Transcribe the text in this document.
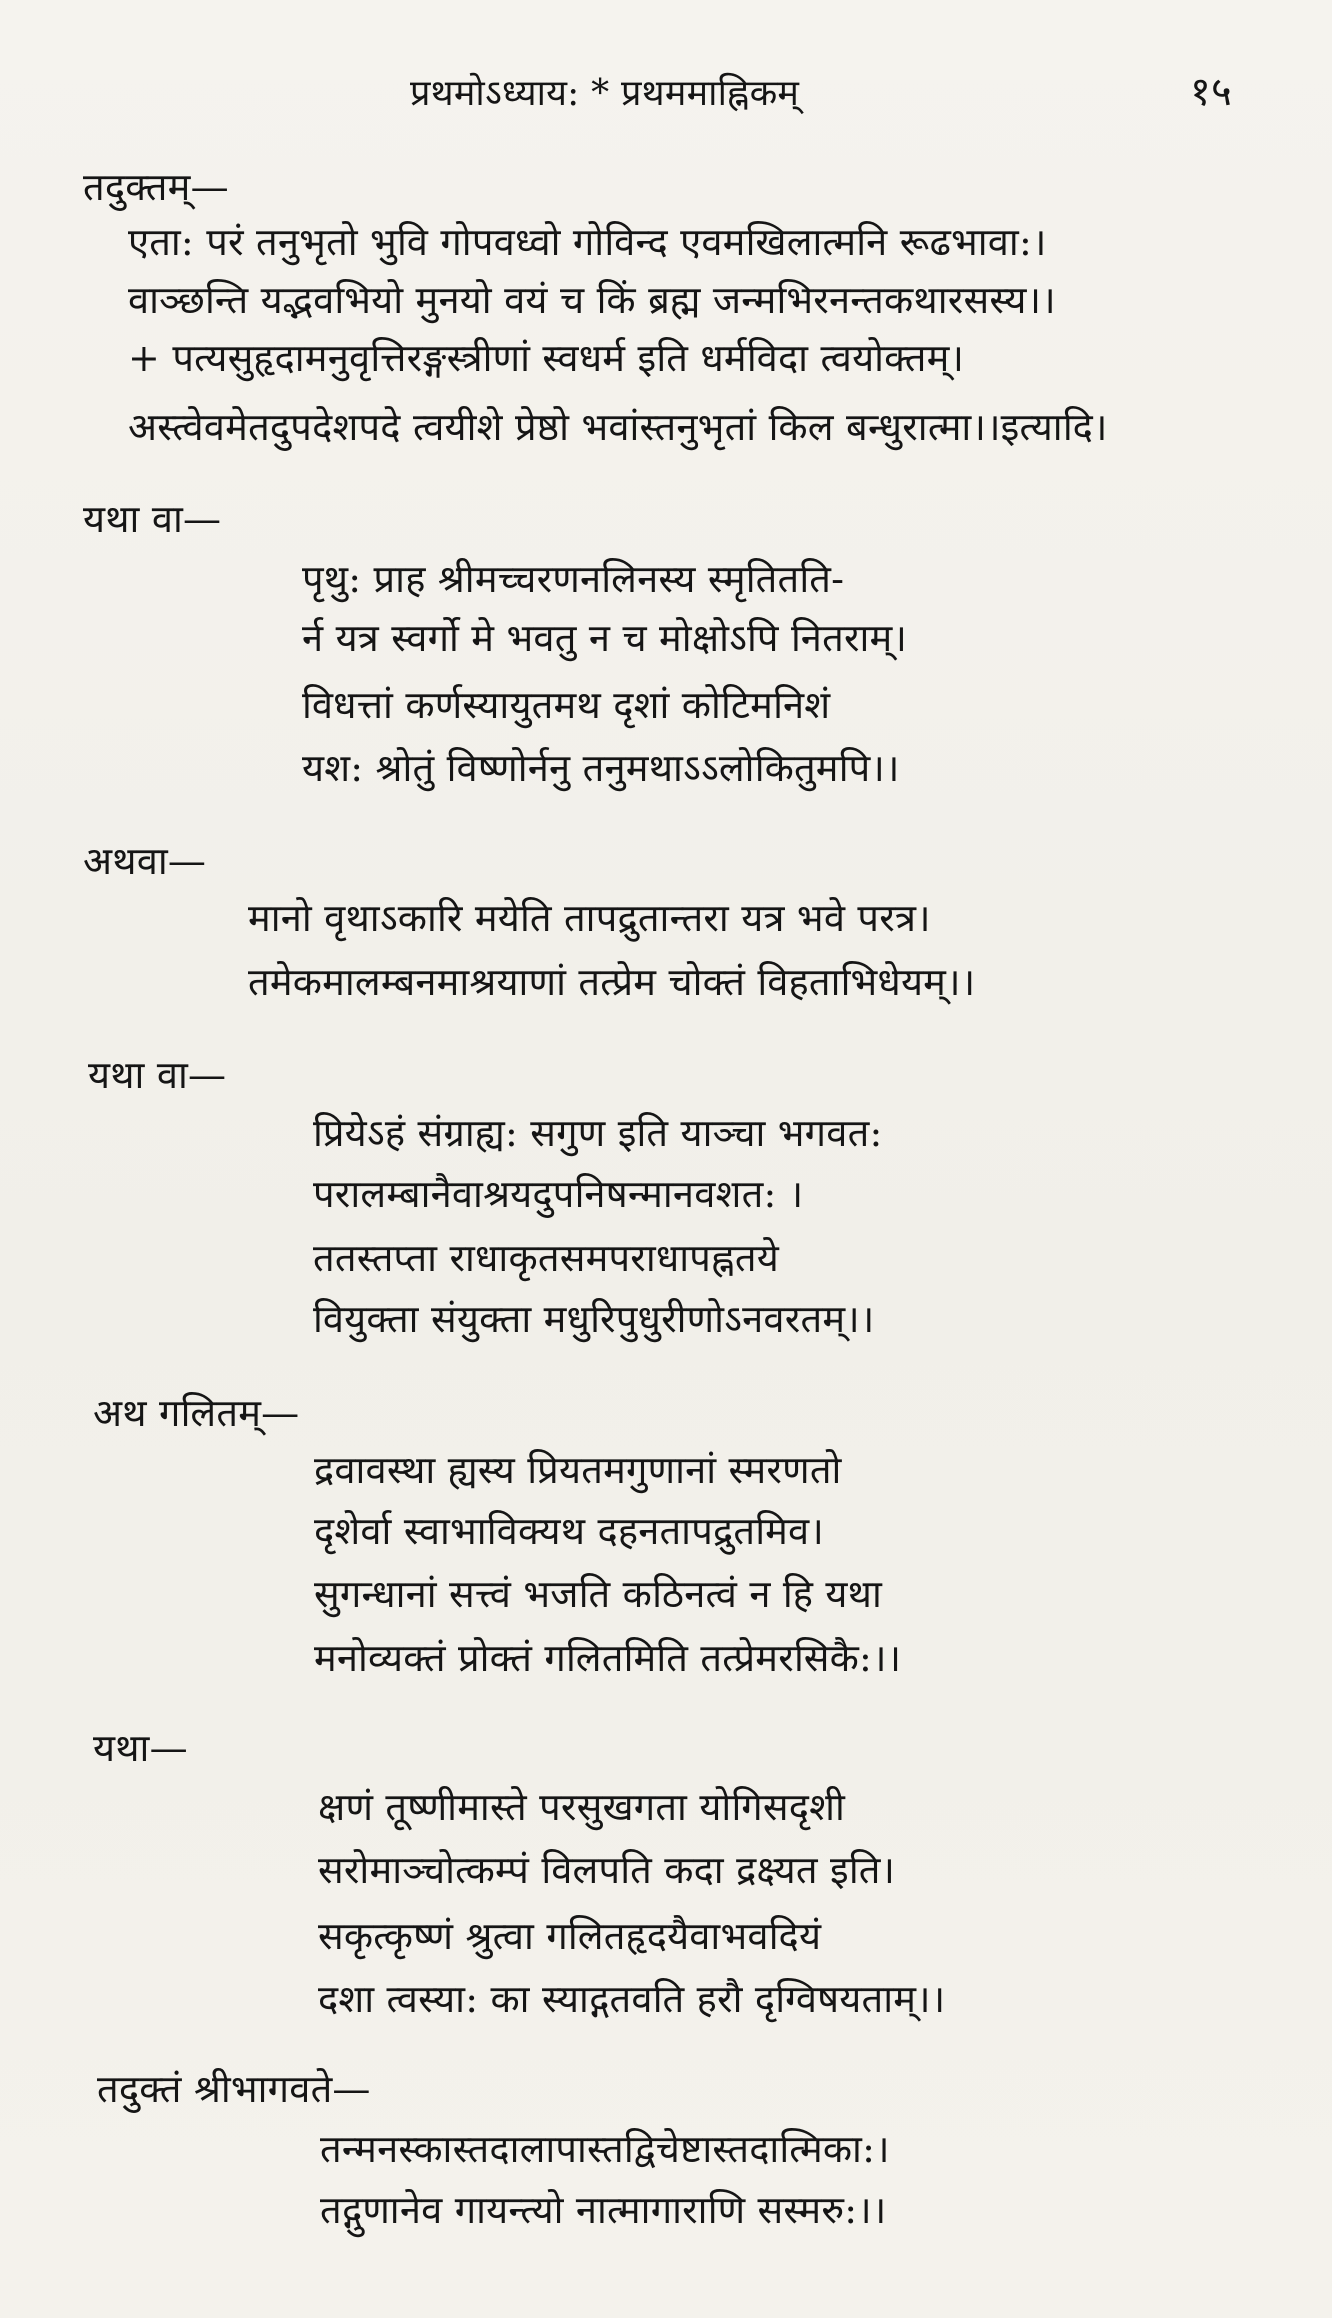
प्रथमोऽध्याय: * प्रथममाह्निकम्	१५
तदुक्तम्—
एता: परं तनुभृतो भुवि गोपवध्वो गोविन्द एवमखिलात्मनि रूढभावा:।
वाञ्छन्ति यद्भवभियो मुनयो वयं च किं ब्रह्म जन्मभिरनन्तकथारसस्य।।
+ पत्यसुहृदामनुवृत्तिरङ्गस्त्रीणां स्वधर्म इति धर्मविदा त्वयोक्तम्।
अस्त्वेवमेतदुपदेशपदे त्वयीशे प्रेष्ठो भवांस्तनुभृतां किल बन्धुरात्मा।।इत्यादि।
यथा वा—
पृथु: प्राह श्रीमच्चरणनलिनस्य स्मृतितति-
र्न यत्र स्वर्गो मे भवतु न च मोक्षोऽपि नितराम्।
विधत्तां कर्णस्यायुतमथ दृशां कोटिमनिशं
यश: श्रोतुं विष्णोर्ननु तनुमथाऽऽलोकितुमपि।।
अथवा—
मानो वृथाऽकारि मयेति तापद्रुतान्तरा यत्र भवे परत्र।
तमेकमालम्बनमाश्रयाणां तत्प्रेम चोक्तं विहताभिधेयम्।।
यथा वा—
प्रियेऽहं संग्राह्य: सगुण इति याञ्चा भगवत:
परालम्बानैवाश्रयदुपनिषन्मानवशत: ।
ततस्तप्ता राधाकृतसमपराधापह्नतये
वियुक्ता संयुक्ता मधुरिपुधुरीणोऽनवरतम्।।
अथ गलितम्—
द्रवावस्था ह्यस्य प्रियतमगुणानां स्मरणतो
दृशेर्वा स्वाभाविक्यथ दहनतापद्रुतमिव।
सुगन्धानां सत्त्वं भजति कठिनत्वं न हि यथा
मनोव्यक्तं प्रोक्तं गलितमिति तत्प्रेमरसिकै:।।
यथा—
क्षणं तूष्णीमास्ते परसुखगता योगिसदृशी
सरोमाञ्चोत्कम्पं विलपति कदा द्रक्ष्यत इति।
सकृत्कृष्णं श्रुत्वा गलितहृदयैवाभवदियं
दशा त्वस्या: का स्याद्गतवति हरौ दृग्विषयताम्।।
तदुक्तं श्रीभागवते—
तन्मनस्कास्तदालापास्तद्विचेष्टास्तदात्मिका:।
तद्गुणानेव गायन्त्यो नात्मागाराणि सस्मरु:।।
